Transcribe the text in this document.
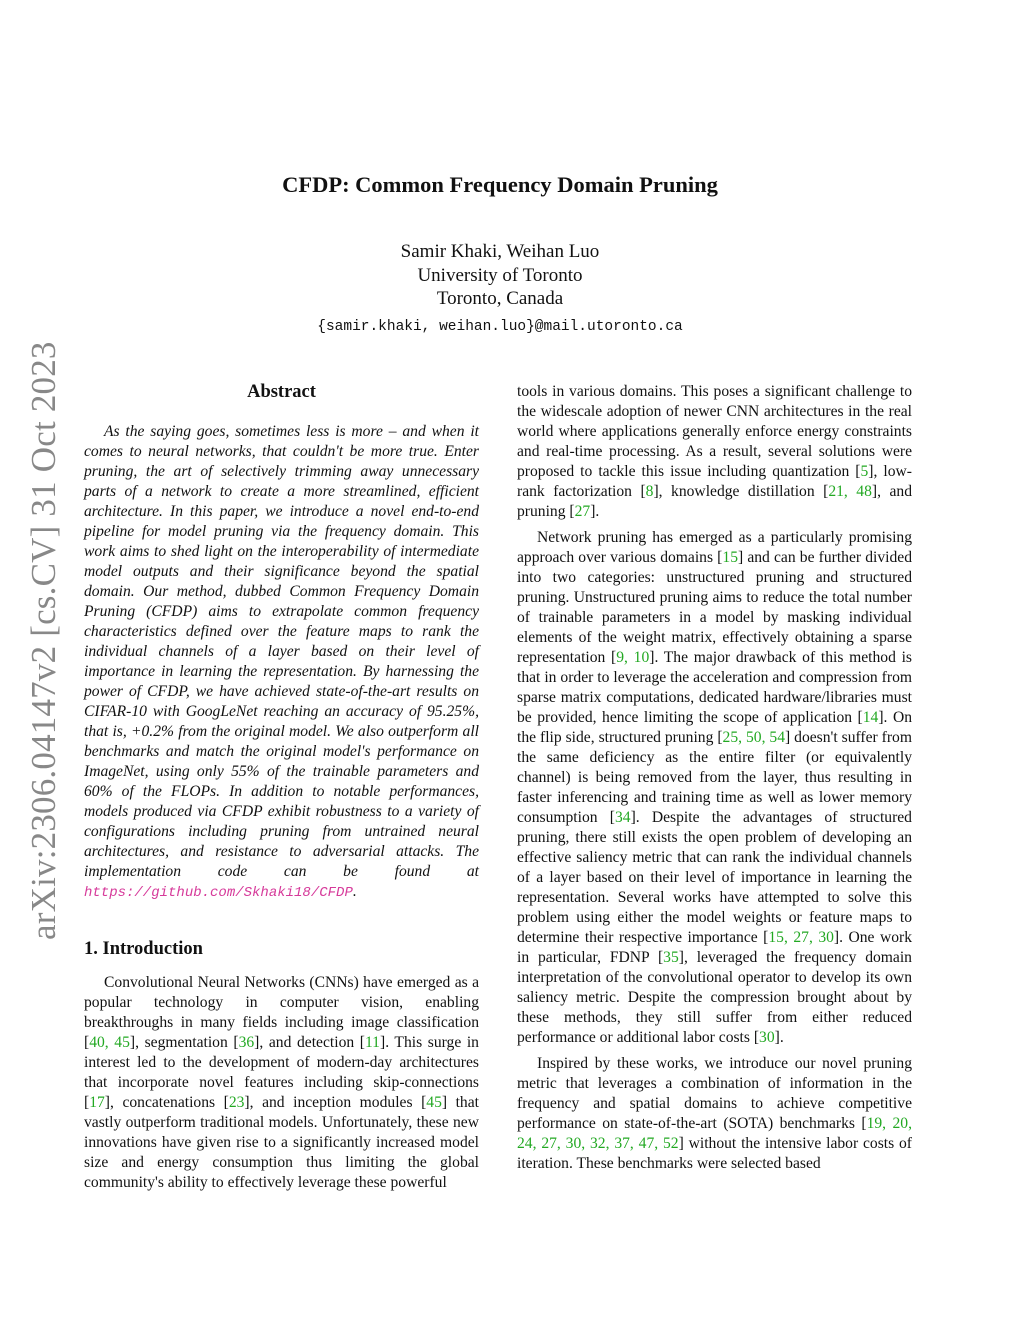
arXiv:2306.04147v2 [cs.CV] 31 Oct 2023
CFDP: Common Frequency Domain Pruning
Samir Khaki, Weihan Luo
University of Toronto
Toronto, Canada
{samir.khaki, weihan.luo}@mail.utoronto.ca
Abstract

As the saying goes, sometimes less is more – and when it comes to neural networks, that couldn't be more true. Enter pruning, the art of selectively trimming away unnecessary parts of a network to create a more streamlined, efficient architecture. In this paper, we introduce a novel end-to-end pipeline for model pruning via the frequency domain. This work aims to shed light on the interoperability of intermediate model outputs and their significance beyond the spatial domain. Our method, dubbed Common Frequency Domain Pruning (CFDP) aims to extrapolate common frequency characteristics defined over the feature maps to rank the individual channels of a layer based on their level of importance in learning the representation. By harnessing the power of CFDP, we have achieved state-of-the-art results on CIFAR-10 with GoogLeNet reaching an accuracy of 95.25%, that is, +0.2% from the original model. We also outperform all benchmarks and match the original model's performance on ImageNet, using only 55% of the trainable parameters and 60% of the FLOPs. In addition to notable performances, models produced via CFDP exhibit robustness to a variety of configurations including pruning from untrained neural architectures, and resistance to adversarial attacks. The implementation code can be found at https://github.com/Skhaki18/CFDP.

1. Introduction

Convolutional Neural Networks (CNNs) have emerged as a popular technology in computer vision, enabling breakthroughs in many fields including image classification [40, 45], segmentation [36], and detection [11]. This surge in interest led to the development of modern-day architectures that incorporate novel features including skip-connections [17], concatenations [23], and inception modules [45] that vastly outperform traditional models. Unfortunately, these new innovations have given rise to a significantly increased model size and energy consumption thus limiting the global community's ability to effectively leverage these powerful

tools in various domains. This poses a significant challenge to the widescale adoption of newer CNN architectures in the real world where applications generally enforce energy constraints and real-time processing. As a result, several solutions were proposed to tackle this issue including quantization [5], low-rank factorization [8], knowledge distillation [21, 48], and pruning [27].

Network pruning has emerged as a particularly promising approach over various domains [15] and can be further divided into two categories: unstructured pruning and structured pruning. Unstructured pruning aims to reduce the total number of trainable parameters in a model by masking individual elements of the weight matrix, effectively obtaining a sparse representation [9, 10]. The major drawback of this method is that in order to leverage the acceleration and compression from sparse matrix computations, dedicated hardware/libraries must be provided, hence limiting the scope of application [14]. On the flip side, structured pruning [25, 50, 54] doesn't suffer from the same deficiency as the entire filter (or equivalently channel) is being removed from the layer, thus resulting in faster inferencing and training time as well as lower memory consumption [34]. Despite the advantages of structured pruning, there still exists the open problem of developing an effective saliency metric that can rank the individual channels of a layer based on their level of importance in learning the representation. Several works have attempted to solve this problem using either the model weights or feature maps to determine their respective importance [15, 27, 30]. One work in particular, FDNP [35], leveraged the frequency domain interpretation of the convolutional operator to develop its own saliency metric. Despite the compression brought about by these methods, they still suffer from either reduced performance or additional labor costs [30].

Inspired by these works, we introduce our novel pruning metric that leverages a combination of information in the frequency and spatial domains to achieve competitive performance on state-of-the-art (SOTA) benchmarks [19, 20, 24, 27, 30, 32, 37, 47, 52] without the intensive labor costs of iteration. These benchmarks were selected based
